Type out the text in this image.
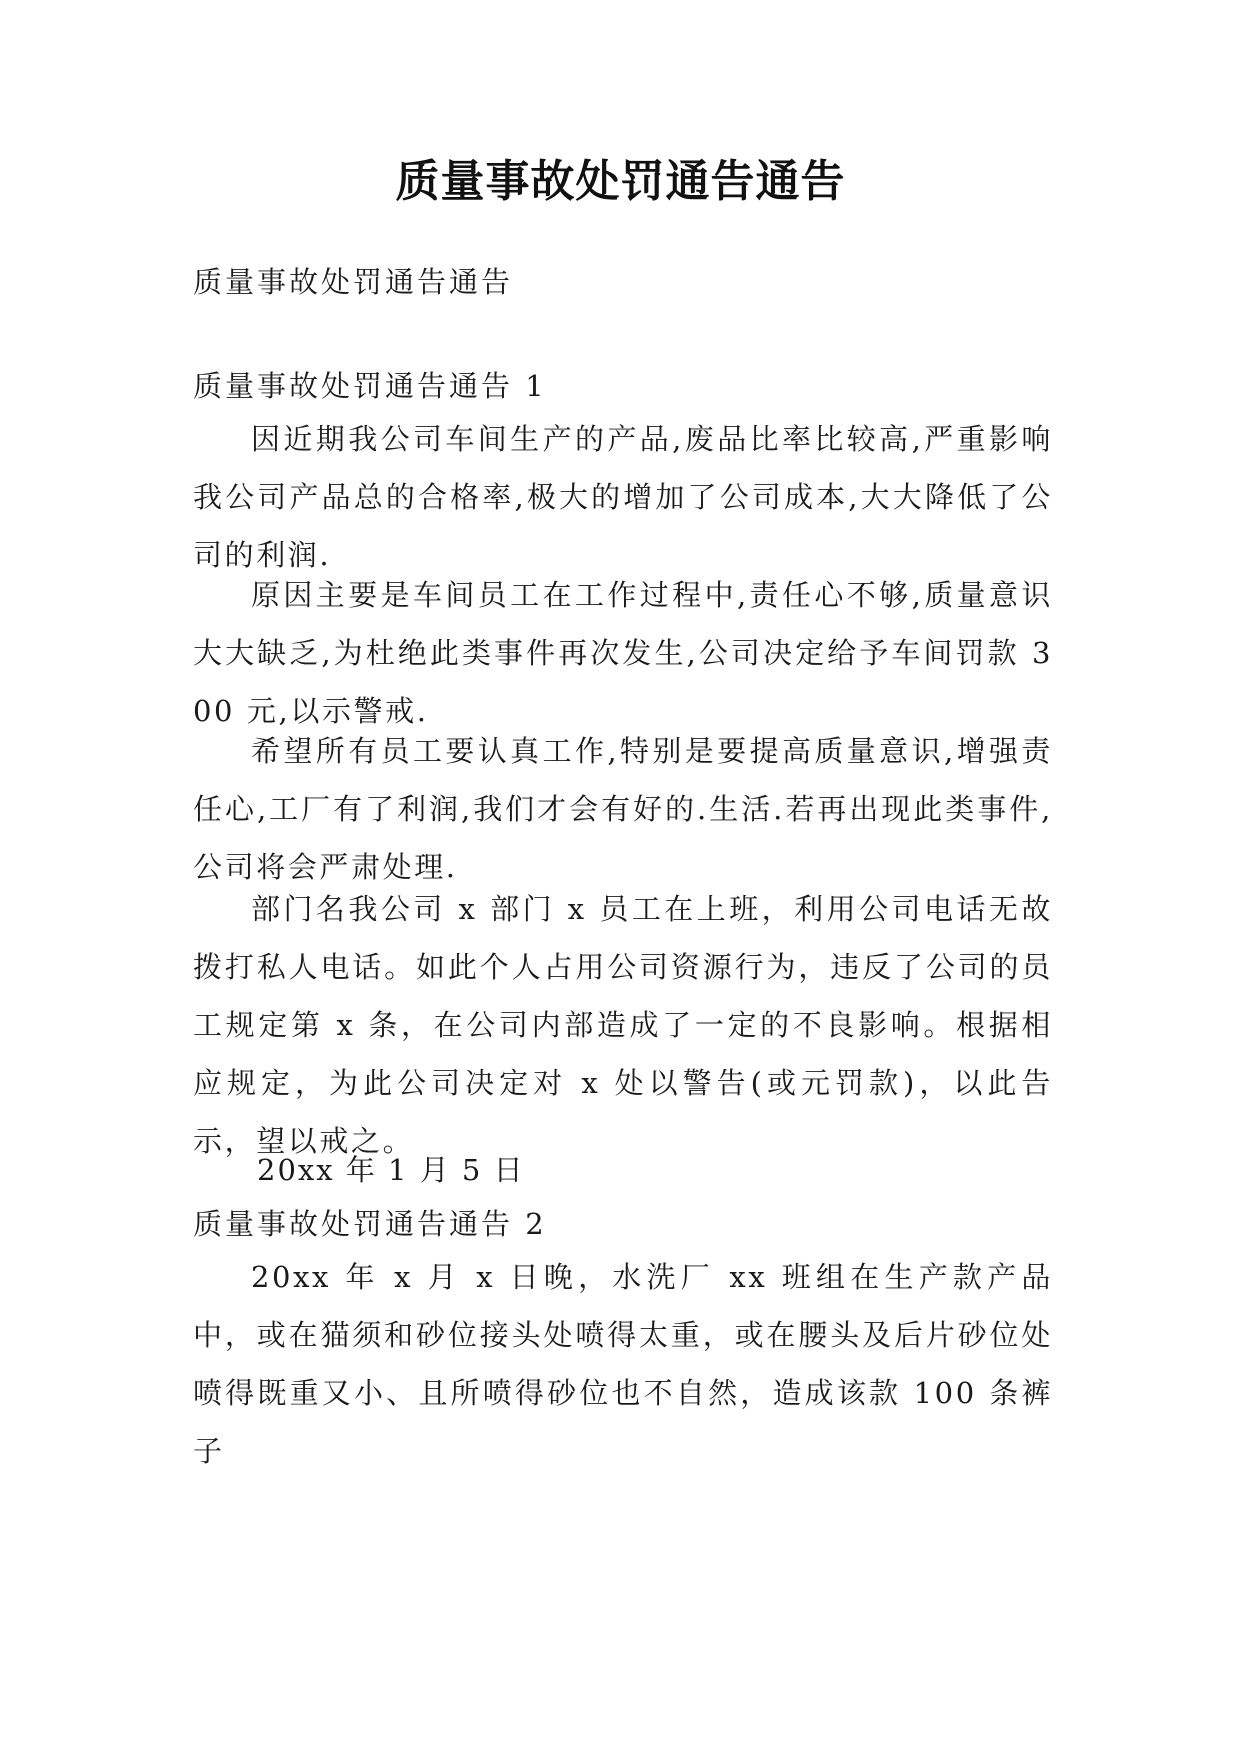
质量事故处罚通告通告
质量事故处罚通告通告
质量事故处罚通告通告 1
因近期我公司车间生产的产品,废品比率比较高,严重影响我公司产品总的合格率,极大的增加了公司成本,大大降低了公司的利润.
原因主要是车间员工在工作过程中,责任心不够,质量意识大大缺乏,为杜绝此类事件再次发生,公司决定给予车间罚款 300 元,以示警戒.
希望所有员工要认真工作,特别是要提高质量意识,增强责任心,工厂有了利润,我们才会有好的.生活.若再出现此类事件,公司将会严肃处理.
部门名我公司 x 部门 x 员工在上班，利用公司电话无故拨打私人电话。如此个人占用公司资源行为，违反了公司的员工规定第 x 条，在公司内部造成了一定的不良影响。根据相应规定，为此公司决定对 x 处以警告(或元罚款)，以此告示，望以戒之。
20xx 年 1 月 5 日
质量事故处罚通告通告 2
20xx 年 x 月 x 日晚，水洗厂 xx 班组在生产款产品中，或在猫须和砂位接头处喷得太重，或在腰头及后片砂位处喷得既重又小、且所喷得砂位也不自然，造成该款 100 条裤子
